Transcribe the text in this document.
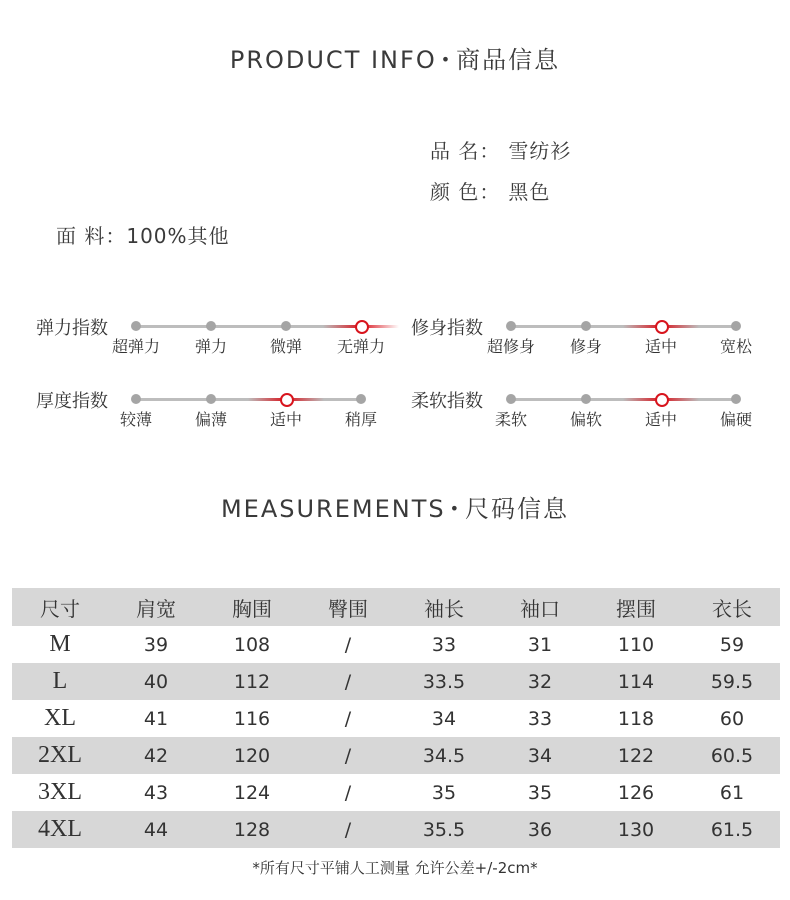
PRODUCT INFO • 商品信息
品 名： 雪纺衫
颜 色： 黑色
面 料：100%其他
弹力指数
超弹力 弹力	微弹 无弹力
修身指数
超修身 修身	适中	宽松
厚度指数
较薄	偏薄	适中	稍厚
柔软指数
柔软	偏软	适中	偏硬
MEASUREMENTS • 尺码信息
尺寸	肩宽	胸围	臀围	袖长	袖口	摆围	衣长
M	39	108	/	33	31	110	59
L	40	112	/	33.5	32	114	59.5
XL	41	116	/	34	33	118	60
2XL	42	120	/	34.5	34	122	60.5
3XL	43	124	/	35	35	126	61
4XL	44	128	/	35.5	36	130	61.5
*所有尺寸平铺人工测量 允许公差+/-2cm*
